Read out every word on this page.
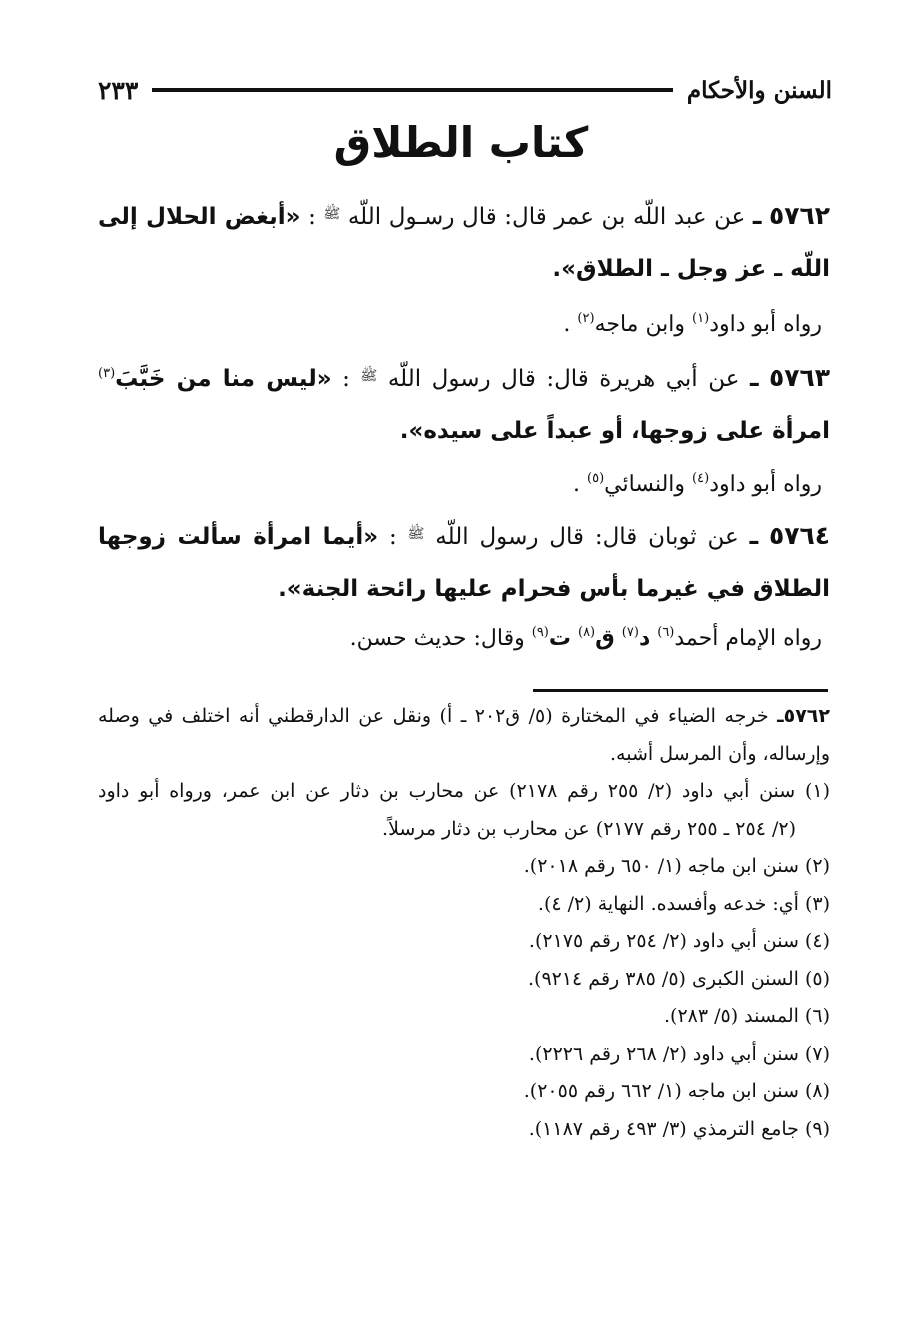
السنن والأحكام
٢٣٣
كتاب الطلاق
٥٧٦٢ ـ عن عبد اللّه بن عمر قال: قال رسـول اللّه $^ﷺ$ : «أبغض الحلال إلى اللّه ـ عز وجل ـ الطلاق».
رواه أبو داود$^{(١)}$ وابن ماجه$^{(٢)}$ .
٥٧٦٣ ـ عن أبي هريرة قال: قال رسول اللّه $^ﷺ$ : «ليس منا من خَبَّبَ$^{(٣)}$ امرأة على زوجها، أو عبداً على سيده».
رواه أبو داود$^{(٤)}$ والنسائي$^{(٥)}$ .
٥٧٦٤ ـ عن ثوبان قال: قال رسول اللّه $^ﷺ$ : «أيما امرأة سألت زوجها الطلاق في غيرما بأس فحرام عليها رائحة الجنة».
رواه الإمام أحمد$^{(٦)}$ د$^{(٧)}$ ق$^{(٨)}$ ت$^{(٩)}$ وقال: حديث حسن.
٥٧٦٢ـ خرجه الضياء في المختارة (٥/ ق٢٠٢ ـ أ) ونقل عن الدارقطني أنه اختلف في وصله
وإرساله، وأن المرسل أشبه.
(١) سنن أبي داود (٢/ ٢٥٥ رقم ٢١٧٨) عن محارب بن دثار عن ابن عمر، ورواه أبو داود
(٢/ ٢٥٤ ـ ٢٥٥ رقم ٢١٧٧) عن محارب بن دثار مرسلاً.
(٢) سنن ابن ماجه (١/ ٦٥٠ رقم ٢٠١٨).
(٣) أي: خدعه وأفسده. النهاية (٢/ ٤).
(٤) سنن أبي داود (٢/ ٢٥٤ رقم ٢١٧٥).
(٥) السنن الكبرى (٥/ ٣٨٥ رقم ٩٢١٤).
(٦) المسند (٥/ ٢٨٣).
(٧) سنن أبي داود (٢/ ٢٦٨ رقم ٢٢٢٦).
(٨) سنن ابن ماجه (١/ ٦٦٢ رقم ٢٠٥٥).
(٩) جامع الترمذي (٣/ ٤٩٣ رقم ١١٨٧).
